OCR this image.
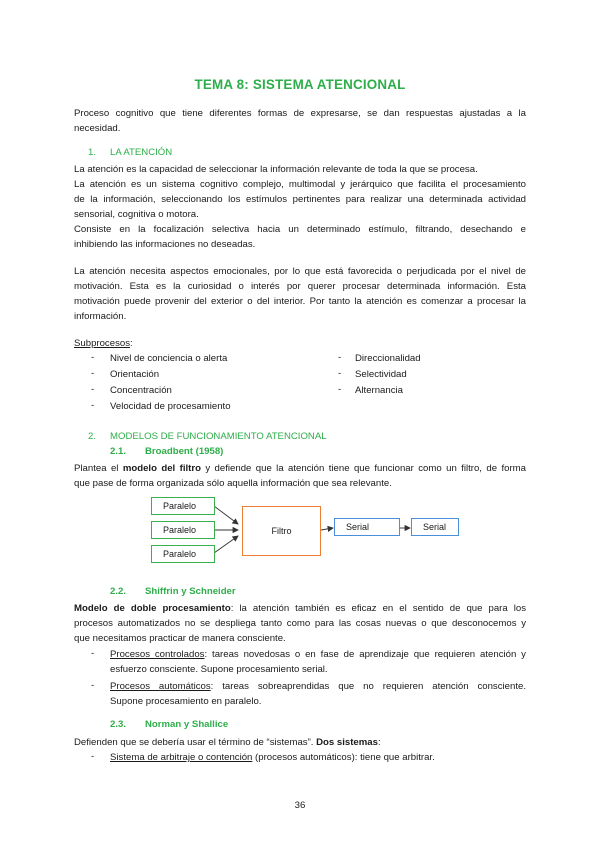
TEMA 8: SISTEMA ATENCIONAL
Proceso cognitivo que tiene diferentes formas de expresarse, se dan respuestas ajustadas a la
necesidad.
1. LA ATENCIÓN
La atención es la capacidad de seleccionar la información relevante de toda la que se procesa.
La atención es un sistema cognitivo complejo, multimodal y jerárquico que facilita el procesamiento
de la información, seleccionando los estímulos pertinentes para realizar una determinada actividad
sensorial, cognitiva o motora.
Consiste en la focalización selectiva hacia un determinado estímulo, filtrando, desechando e
inhibiendo las informaciones no deseadas.
La atención necesita aspectos emocionales, por lo que está favorecida o perjudicada por el nivel de
motivación. Esta es la curiosidad o interés por querer procesar determinada información. Esta
motivación puede provenir del exterior o del interior. Por tanto la atención es comenzar a procesar la
información.
Subprocesos:
- Nivel de conciencia o alerta
- Orientación
- Concentración
- Velocidad de procesamiento
- Direccionalidad
- Selectividad
- Alternancia
2. MODELOS DE FUNCIONAMIENTO ATENCIONAL
2.1. Broadbent (1958)
Plantea el modelo del filtro y defiende que la atención tiene que funcionar como un filtro, de forma
que pase de forma organizada sólo aquella información que sea relevante.
Paralelo
Paralelo
Paralelo
Filtro	Serial	Serial
2.2. Shiffrin y Schneider
Modelo de doble procesamiento: la atención también es eficaz en el sentido de que para los
procesos automatizados no se despliega tanto como para las cosas nuevas o que desconocemos y
que necesitamos practicar de manera consciente.
- Procesos controlados: tareas novedosas o en fase de aprendizaje que requieren atención y
esfuerzo consciente. Supone procesamiento serial.
- Procesos automáticos: tareas sobreaprendidas que no requieren atención consciente.
Supone procesamiento en paralelo.
2.3. Norman y Shallice
Defienden que se debería usar el término de “sistemas”. Dos sistemas:
- Sistema de arbitraje o contención (procesos automáticos): tiene que arbitrar.
36
